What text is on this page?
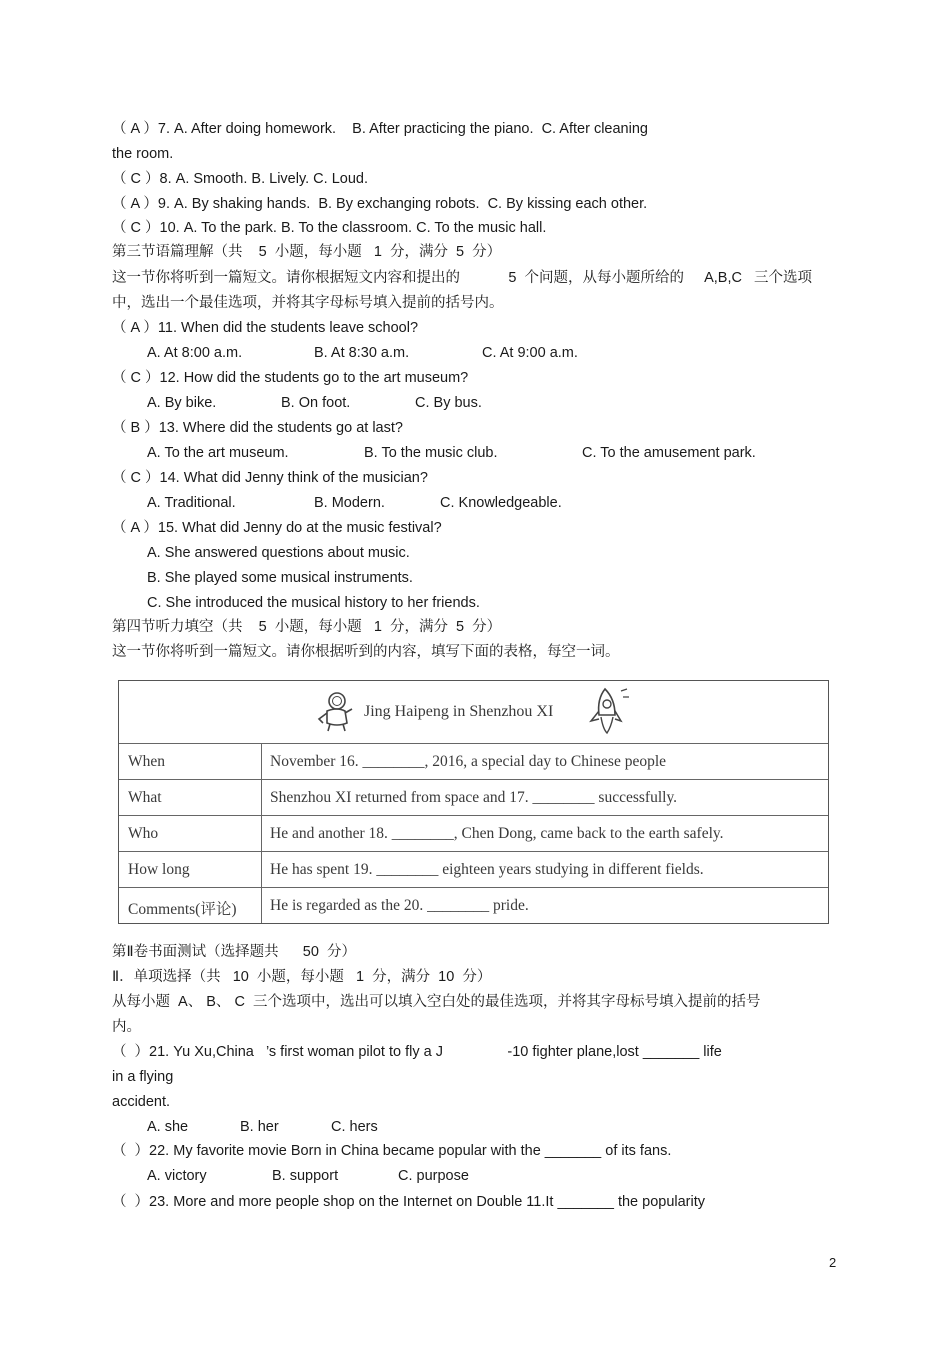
（ A ）7. A. After doing homework.    B. After practicing the piano.  C. After cleaning
the room.
（ C ）8. A. Smooth. B. Lively. C. Loud.
（ A ）9. A. By shaking hands.  B. By exchanging robots.  C. By kissing each other.
（ C ）10. A. To the park. B. To the classroom. C. To the music hall.
第三节语篇理解（共    5  小题，每小题   1  分，满分  5  分）
这一节你将听到一篇短文。请你根据短文内容和提出的            5  个问题，从每小题所给的     A,B,C   三个选项
中，选出一个最佳选项，并将其字母标号填入提前的括号内。
（ A ）11. When did the students leave school?
A. At 8:00 a.m.	B. At 8:30 a.m.	C. At 9:00 a.m.
（ C ）12. How did the students go to the art museum?
A. By bike.	B. On foot.	C. By bus.
（ B ）13. Where did the students go at last?
A. To the art museum.	B. To the music club.	C. To the amusement park.
（ C ）14. What did Jenny think of the musician?
A. Traditional.	B. Modern.	C. Knowledgeable.
（ A ）15. What did Jenny do at the music festival?
A. She answered questions about music.
B. She played some musical instruments.
C. She introduced the musical history to her friends.
第四节听力填空（共    5  小题，每小题   1  分，满分  5  分）
这一节你将听到一篇短文。请你根据听到的内容，填写下面的表格，每空一词。
Jing Haipeng in Shenzhou XI
When	November 16. ________, 2016, a special day to Chinese people
What	Shenzhou XI returned from space and 17. ________ successfully.
Who	He and another 18. ________, Chen Dong, came back to the earth safely.
How long	He has spent 19. ________ eighteen years studying in different fields.
Comments(评论) He is regarded as the 20. ________ pride.
第Ⅱ卷书面测试（选择题共      50  分）
Ⅱ．单项选择（共   10  小题，每小题   1  分，满分  10  分）
从每小题  A、 B、 C  三个选项中，选出可以填入空白处的最佳选项，并将其字母标号填入提前的括号
内。
（  ）21. Yu Xu,China   ’s first woman pilot to fly a J                -10 fighter plane,lost _______ life
in a flying
accident.
A. she	B. her	C. hers
（  ）22. My favorite movie Born in China became popular with the _______ of its fans.
A. victory	B. support	C. purpose
（  ）23. More and more people shop on the Internet on Double 11.It _______ the popularity
2
